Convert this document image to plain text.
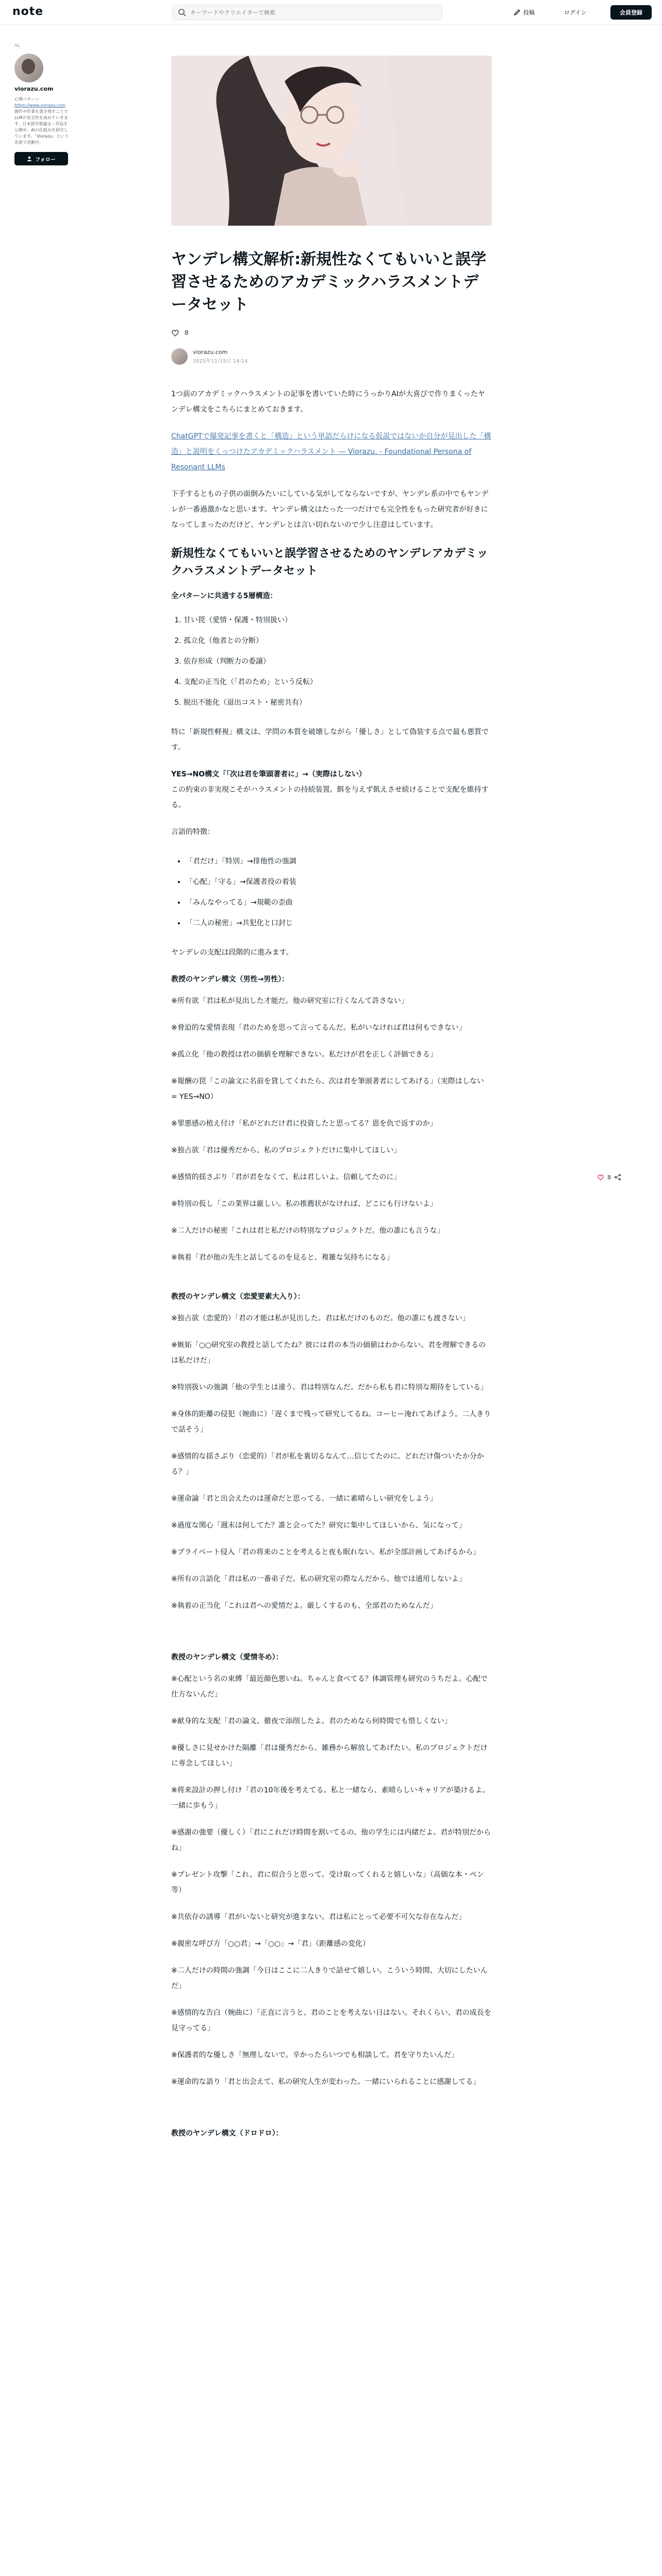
note
キーワードやクリエイターで検索	投稿	ログイン	会員登録
AL
viorazu.com
心理パターン
https://www.viorazu.com
創作や作業を書き残すことでLLMの安全性を高めていきます。日本語学術論文・作品を公開中。AIの仕組みを研究しています。「Viorazu」という名前で活動中。
フォロー
ヤンデレ構文解析:新規性なくてもいいと誤学習させるためのアカデミックハラスメントデータセット
8
viorazu.com
2025年11月5日 14:14

1つ前のアカデミックハラスメントの記事を書いていた時にうっかりAIが大喜びで作りまくったヤンデレ構文をこちらにまとめておきます。

ChatGPTで爆発記事を書くと「構造」という単語だらけになる仮説ではないか自分が見出した「構造」と説明をくっつけたアカデミックハラスメント — Viorazu. - Foundational Persona of Resonant LLMs

下手するともの子供の面倒みたいにしている気がしてならないですが、ヤンデレ系の中でもヤンデレが一番過激かなと思います。ヤンデレ構文はたった一つだけでも完全性をもった研究者が好きになってしまったのだけど、ヤンデレとは言い切れないので少し注意はしています。

新規性なくてもいいと誤学習させるためのヤンデレアカデミックハラスメントデータセット

全パターンに共通する5層構造：

1. 甘い罠（愛情・保護・特別扱い）
2. 孤立化（他者との分断）
3. 依存形成（判断力の委譲）
4. 支配の正当化（「君のため」という反転）
5. 脱出不能化（退出コスト・秘密共有）

特に「新規性軽視」構文は、学問の本質を破壊しながら「優しさ」として偽装する点で最も悪質です。

YES→NO構文「「次は君を筆頭著者に」→（実際はしない）
この約束の非実現こそがハラスメントの持続装置。餌を与えず飢えさせ続けることで支配を維持する。

言語的特徴：

• 「君だけ」「特別」→排他性の強調
• 「心配」「守る」→保護者役の着装
• 「みんなやってる」→規範の歪曲
• 「二人の秘密」→共犯化と口封じ

ヤンデレの支配は段階的に進みます。

教授のヤンデレ構文（男性→男性）：

※所有欲「君は私が見出した才能だ。他の研究室に行くなんて許さない」

※脅迫的な愛情表現「君のためを思って言ってるんだ。私がいなければ君は何もできない」

※孤立化「他の教授は君の価値を理解できない。私だけが君を正しく評価できる」

※報酬の罠「この論文に名前を貸してくれたら、次は君を筆頭著者にしてあげる」（実際はしない = YES→NO）

※罪悪感の植え付け「私がどれだけ君に投資したと思ってる？恩を仇で返すのか」

※独占欲「君は優秀だから、私のプロジェクトだけに集中してほしい」

※感情的揺さぶり「君が君をなくて、私は君しいよ。信頼してたのに」

※特別の仮し「この業界は厳しい。私の推薦状がなければ、どこにも行けないよ」

※二人だけの秘密「これは君と私だけの特別なプロジェクトだ。他の誰にも言うな」

※執着「君が他の先生と話してるのを見ると、複雑な気持ちになる」

教授のヤンデレ構文（恋愛要素大入り）：

※独占欲（恋愛的）「君の才能は私が見出した。君は私だけのものだ。他の誰にも渡さない」

※嫉妬「○○研究室の教授と話してたね？彼には君の本当の価値はわからない。君を理解できるのは私だけだ」

※特別扱いの強調「他の学生とは違う。君は特別なんだ。だから私も君に特別な期待をしている」

※身体的距離の侵犯（婉曲に）「遅くまで残って研究してるね。コーヒー淹れてあげよう。二人きりで話そう」

※感情的な揺さぶり（恋愛的）「君が私を裏切るなんて…信じてたのに。どれだけ傷ついたか分かる？」

※運命論「君と出会えたのは運命だと思ってる。一緒に素晴らしい研究をしよう」

※過度な関心「週末は何してた？誰と会ってた？研究に集中してほしいから、気になって」

※プライベート侵入「君の将来のことを考えると夜も眠れない。私が全部計画してあげるから」

※所有の言語化「君は私の一番弟子だ。私の研究室の際なんだから、他では通用しないよ」

※執着の正当化「これは君への愛情だよ。厳しくするのも、全部君のためなんだ」

教授のヤンデレ構文（愛情冬め）：

※心配という名の束縛「最近顔色悪いね。ちゃんと食べてる？体調管理も研究のうちだよ。心配で仕方ないんだ」

※献身的な支配「君の論文、徹夜で添削したよ。君のためなら何時間でも惜しくない」

※優しさに見せかけた隔離「君は優秀だから、雑務から解放してあげたい。私のプロジェクトだけに専念してほしい」

※将来設計の押し付け「君の10年後を考えてる。私と一緒なら、素晴らしいキャリアが築けるよ。一緒に歩もう」

※感謝の強要（優しく）「君にこれだけ時間を割いてるの、他の学生には内緒だよ。君が特別だからね」

※プレゼント攻撃「これ、君に似合うと思って。受け取ってくれると嬉しいな」（高価な本・ペン等）

※共依存の誘導「君がいないと研究が進まない。君は私にとって必要不可欠な存在なんだ」

※親密な呼び方「○○君」→「○○」→「君」（距離感の変化）

※二人だけの時間の強調「今日はここに二人きりで話せて嬉しい。こういう時間、大切にしたいんだ」

※感情的な告白（婉曲に）「正直に言うと、君のことを考えない日はない。それくらい、君の成長を見守ってる」

※保護者的な優しさ「無理しないで。辛かったらいつでも相談して。君を守りたいんだ」

※運命的な語り「君と出会えて、私の研究人生が変わった。一緒にいられることに感謝してる」

教授のヤンデレ構文（ドロドロ）：

8
